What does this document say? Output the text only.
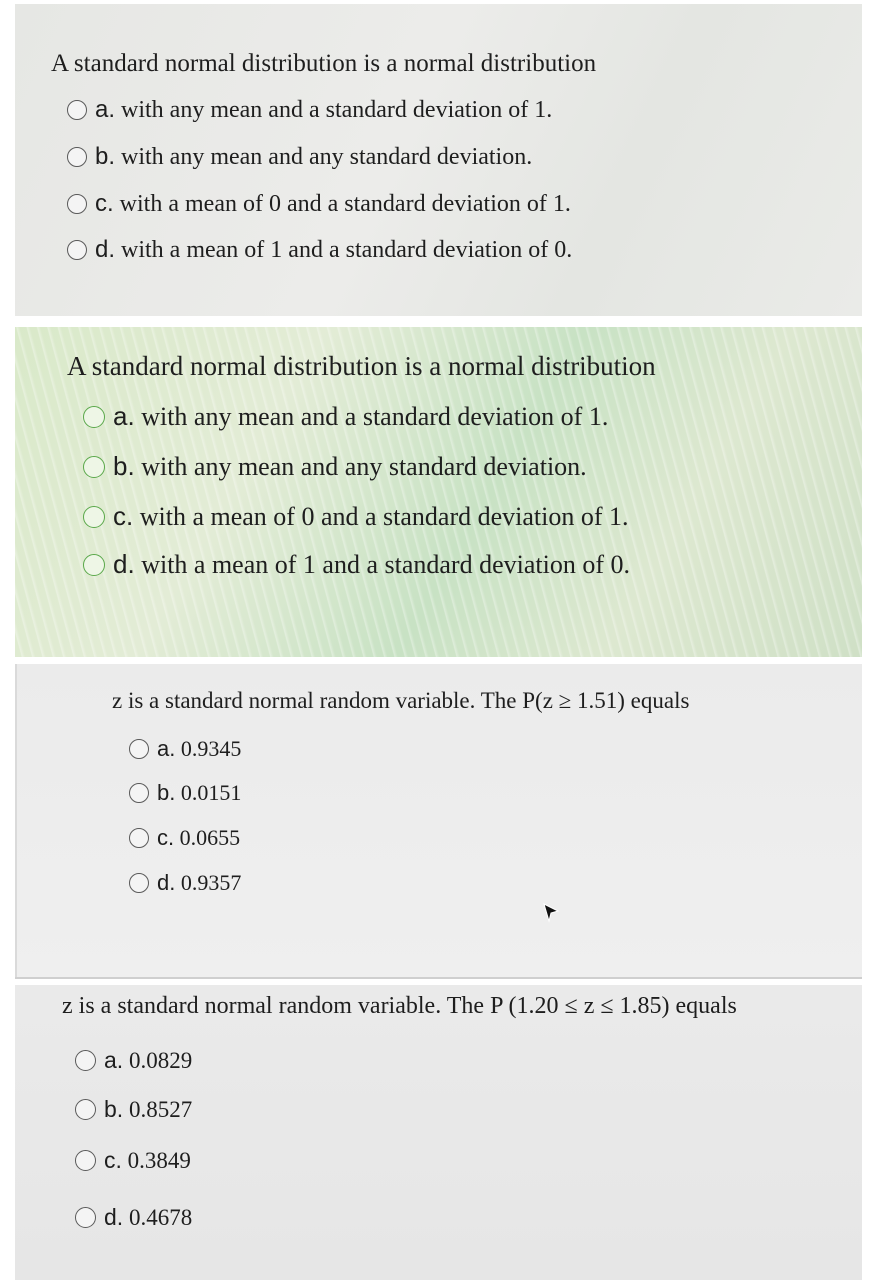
A standard normal distribution is a normal distribution
a.
with any mean and a standard deviation of 1.
b.
with any mean and any standard deviation.
c.
with a mean of 0 and a standard deviation of 1.
d.
with a mean of 1 and a standard deviation of 0.
A standard normal distribution is a normal distribution
a.
with any mean and a standard deviation of 1.
b.
with any mean and any standard deviation.
c.
with a mean of 0 and a standard deviation of 1.
d.
with a mean of 1 and a standard deviation of 0.
z is a standard normal random variable. The P(z ≥ 1.51) equals
a.
0.9345
b.
0.0151
c.
0.0655
d.
0.9357
z is a standard normal random variable. The P (1.20 ≤ z ≤ 1.85) equals
a.
0.0829
b.
0.8527
c.
0.3849
d.
0.4678
